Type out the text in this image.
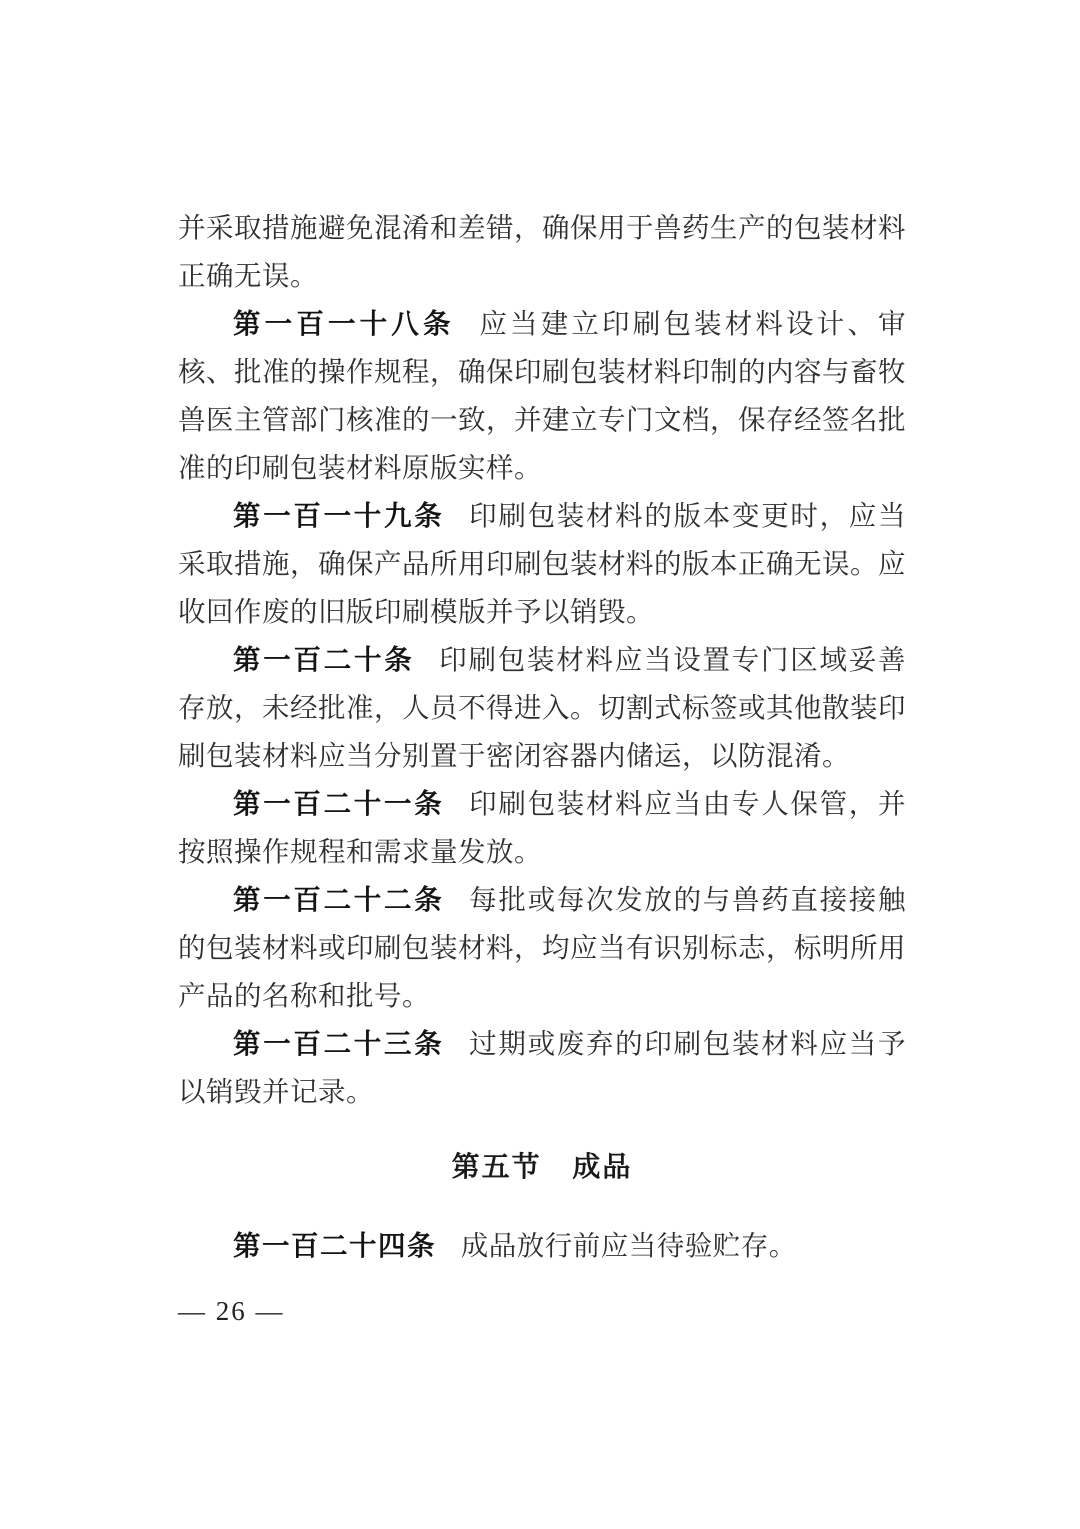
并采取措施避免混淆和差错，确保用于兽药生产的包装材料正确无误。

第一百一十八条 应当建立印刷包装材料设计、审核、批准的操作规程，确保印刷包装材料印制的内容与畜牧兽医主管部门核准的一致，并建立专门文档，保存经签名批准的印刷包装材料原版实样。

第一百一十九条 印刷包装材料的版本变更时，应当采取措施，确保产品所用印刷包装材料的版本正确无误。应收回作废的旧版印刷模版并予以销毁。

第一百二十条 印刷包装材料应当设置专门区域妥善存放，未经批准，人员不得进入。切割式标签或其他散装印刷包装材料应当分别置于密闭容器内储运，以防混淆。

第一百二十一条 印刷包装材料应当由专人保管，并按照操作规程和需求量发放。

第一百二十二条 每批或每次发放的与兽药直接接触的包装材料或印刷包装材料，均应当有识别标志，标明所用产品的名称和批号。

第一百二十三条 过期或废弃的印刷包装材料应当予以销毁并记录。

第五节 成品

第一百二十四条 成品放行前应当待验贮存。

— 26 —
